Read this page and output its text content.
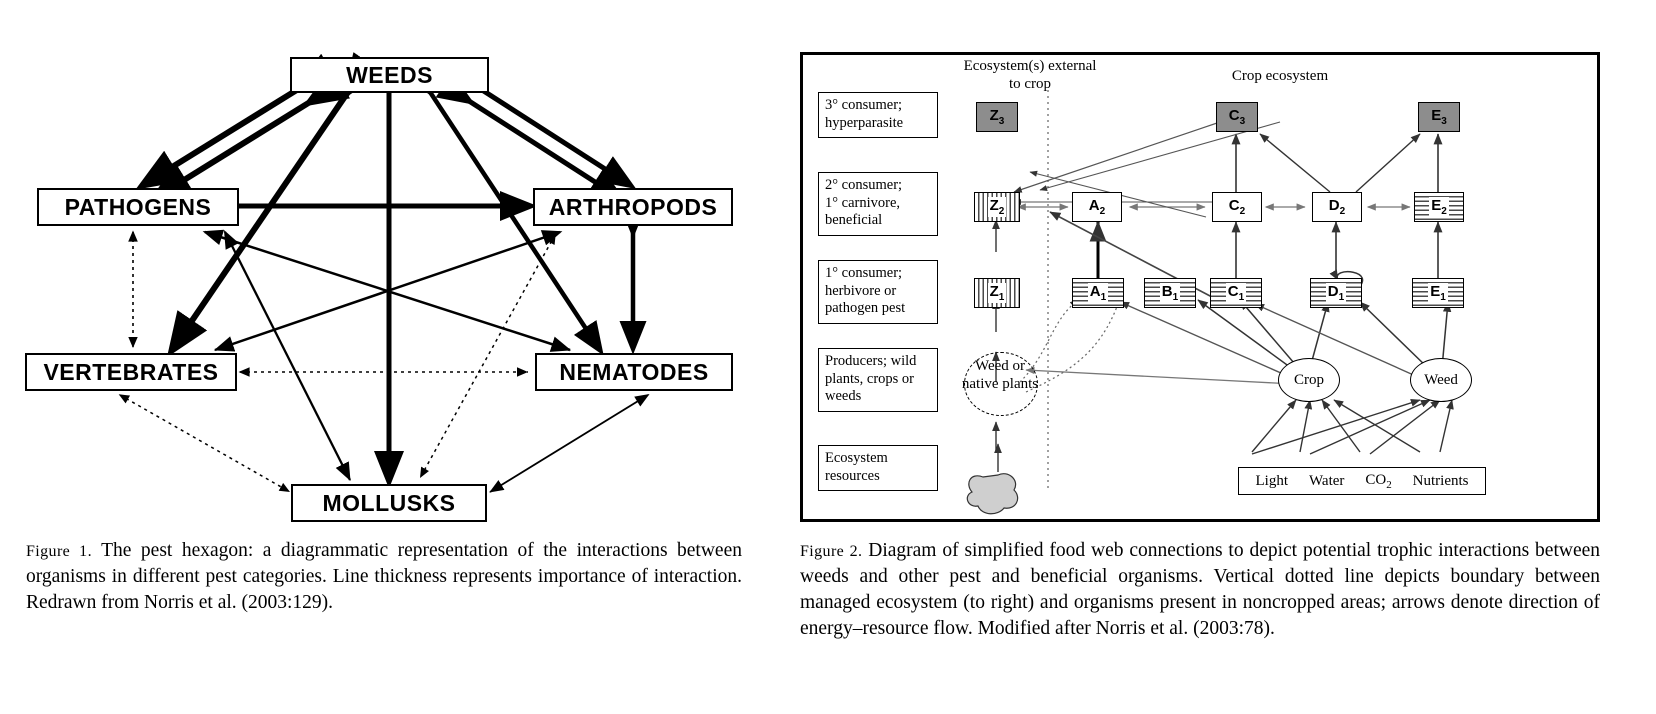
WEEDS
PATHOGENS	ARTHROPODS
VERTEBRATES	NEMATODES
MOLLUSKS
Figure 1. The pest hexagon: a diagrammatic representation of the interactions between organisms in different pest categories. Line thickness represents importance of interaction. Redrawn from Norris et al. (2003:129).
Ecosystem(s) external
to crop	Crop ecosystem
3° consumer;
hyperparasite
2° consumer;
1° carnivore,
beneficial
1° consumer;
herbivore or
pathogen pest
Producers; wild
plants, crops or
weeds
Ecosystem
resources
$Z_3$	$C_3$	$E_3$
$Z_2$	$A_2$	$C_2$	$D_2$	$E_2$
$Z_1$	$A_1$	$B_1$	$C_1$	$D_1$	$E_1$
Crop	Weed
Weed or
native plants
Light Water $CO_2$ Nutrients
Figure 2. Diagram of simplified food web connections to depict potential trophic interactions between weeds and other pest and beneficial organisms. Vertical dotted line depicts boundary between managed ecosystem (to right) and organisms present in noncropped areas; arrows denote direction of energy–resource flow. Modified after Norris et al. (2003:78).
